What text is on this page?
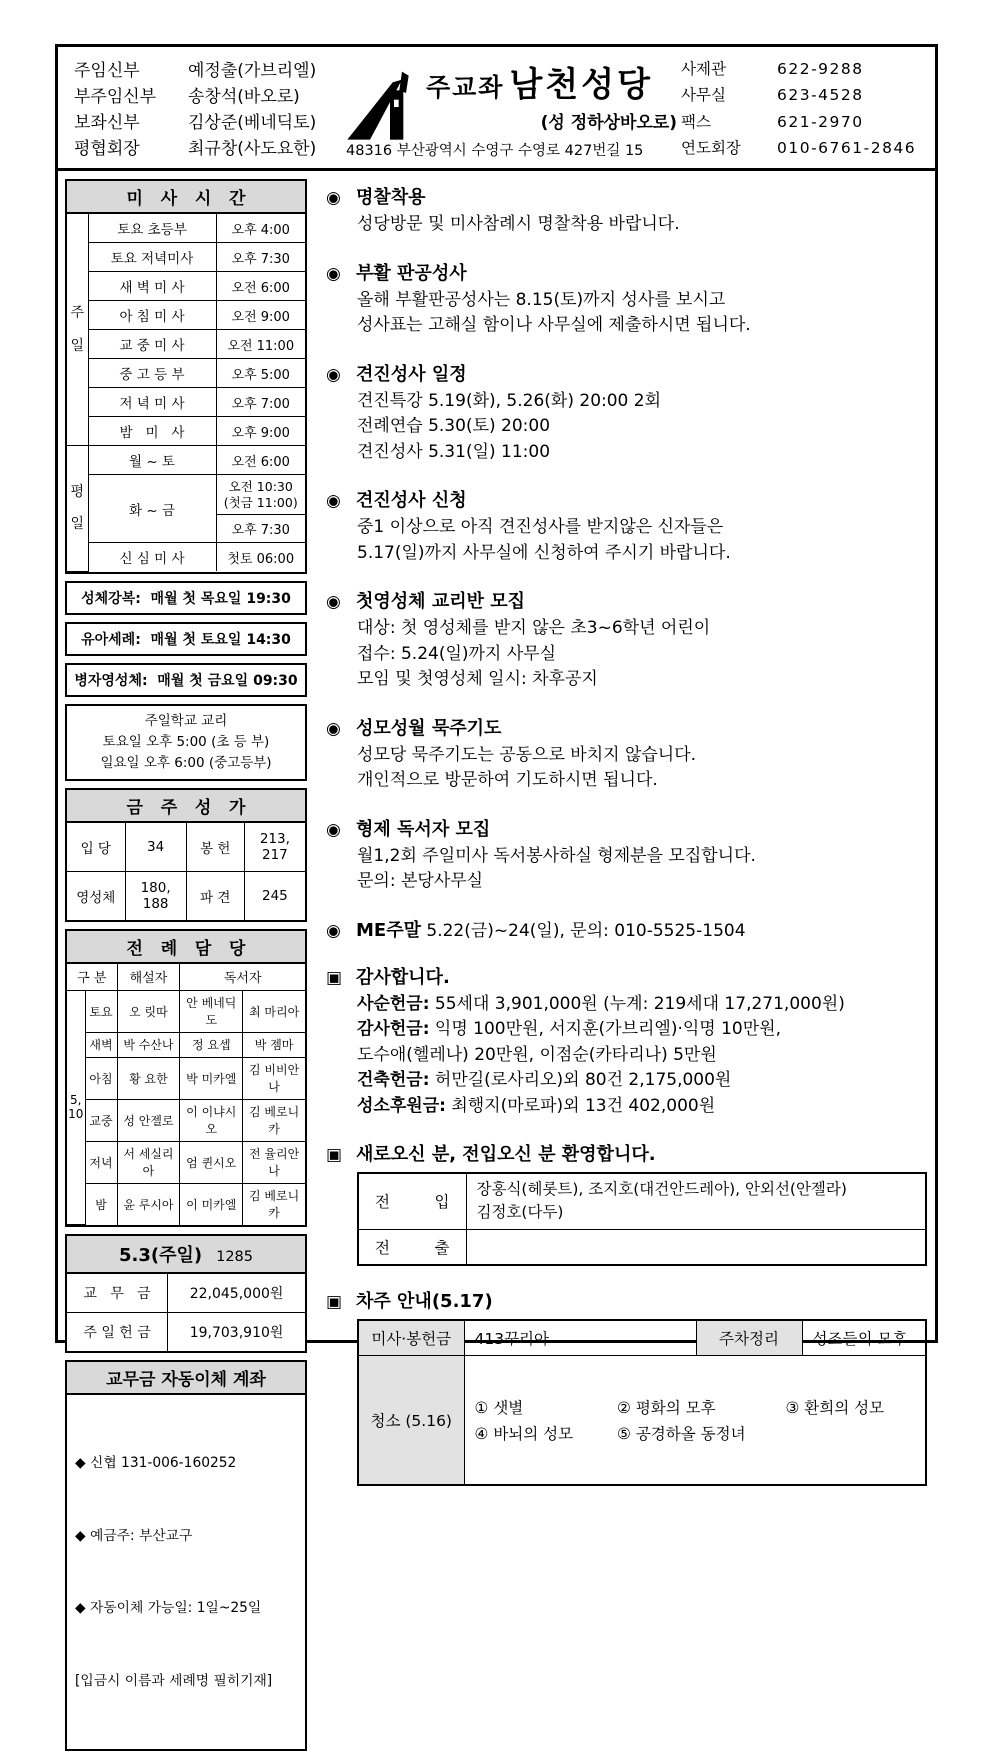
주임신부	예정출(가브리엘)
부주임신부 송창석(바오로)
보좌신부	김상준(베네딕토)
평협회장	최규창(사도요한)
주교좌 남천성당
(성 정하상바오로)
48316 부산광역시 수영구 수영로 427번길 15
사제관	622-9288
사무실	623-4528
팩스	621-2970
연도회장 010-6761-2846
미   사   시   간
주일	토요 초등부	오후 4:00
	토요 저녁미사	오후 7:30
	새 벽 미 사	오전 6:00
	아 침 미 사	오전 9:00
	교 중 미 사	오전 11:00
	중 고 등 부	오후 5:00
	저 녁 미 사	오후 7:00
	밤   미   사	오후 9:00
평일	월 ~ 토	오전 6:00
	화 ~ 금	오전 10:30
(첫금 11:00)

		오후 7:30
	신 심 미 사	첫토 06:00
성체강복:  매월 첫 목요일 19:30
유아세례:  매월 첫 토요일 14:30
병자영성체:  매월 첫 금요일 09:30
주일학교 교리
토요일 오후 5:00 (초 등 부)
일요일 오후 6:00 (중고등부)
금   주   성   가
입 당	34	봉 헌	213, 217
영성체	180, 188	파 견	245
전   례   담   당
구 분		해설자	독서자	

5,
10	토요	오 릿따	안 베네딕도	최 마리아
	새벽	박 수산나	정 요셉	박 젬마
	아침	황 요한	박 미카엘	김 비비안나
	교중	성 안젤로	이 이냐시오	김 베로니카
	저녁	서 세실리아	엄 퀸시오	전 율리안나
	밤	윤 루시아	이 미카엘	김 베로니카
5.3(주일) 1285
교   무   금	22,045,000원
주 일 헌 금	19,703,910원
교무금 자동이체 계좌

◆ 신협 131-006-160252

◆ 예금주: 부산교구

◆ 자동이체 가능일: 1일~25일

[입금시 이름과 세례명 필히기재]

◉ 명찰착용
성당방문 및 미사참례시 명찰착용 바랍니다.
◉ 부활 판공성사
올해 부활판공성사는 8.15(토)까지 성사를 보시고
성사표는 고해실 함이나 사무실에 제출하시면 됩니다.
◉ 견진성사 일정
견진특강 5.19(화), 5.26(화) 20:00 2회
전례연습 5.30(토) 20:00
견진성사 5.31(일) 11:00
◉ 견진성사 신청
중1 이상으로 아직 견진성사를 받지않은 신자들은
5.17(일)까지 사무실에 신청하여 주시기 바랍니다.
◉ 첫영성체 교리반 모집
대상: 첫 영성체를 받지 않은 초3~6학년 어린이
접수: 5.24(일)까지 사무실
모임 및 첫영성체 일시: 차후공지
◉ 성모성월 묵주기도
성모당 묵주기도는 공동으로 바치지 않습니다.
개인적으로 방문하여 기도하시면 됩니다.
◉ 형제 독서자 모집
월1,2회 주일미사 독서봉사하실 형제분을 모집합니다.
문의: 본당사무실
◉ ME주말 5.22(금)~24(일), 문의: 010-5525-1504
▣ 감사합니다.
사순헌금: 55세대 3,901,000원 (누계: 219세대 17,271,000원)
감사헌금: 익명 100만원, 서지훈(가브리엘)·익명 10만원,
도수애(헬레나) 20만원, 이점순(카타리나) 5만원
건축헌금: 허만길(로사리오)외 80건 2,175,000원
성소후원금: 최행지(마로파)외 13건 402,000원
▣ 새로오신 분, 전입오신 분 환영합니다.
전 입	장홍식(헤롯트), 조지호(대건안드레아), 안외선(안젤라)
김정호(다두)

전 출	
▣ 차주 안내(5.17)
미사·봉헌금	413꾸리아	주차정리	성조들의 모후
청소 (5.16)	① 샛별 ② 평화의 모후 ③ 환희의 성모
④ 바뇌의 성모 ⑤ 공경하올 동정녀		
